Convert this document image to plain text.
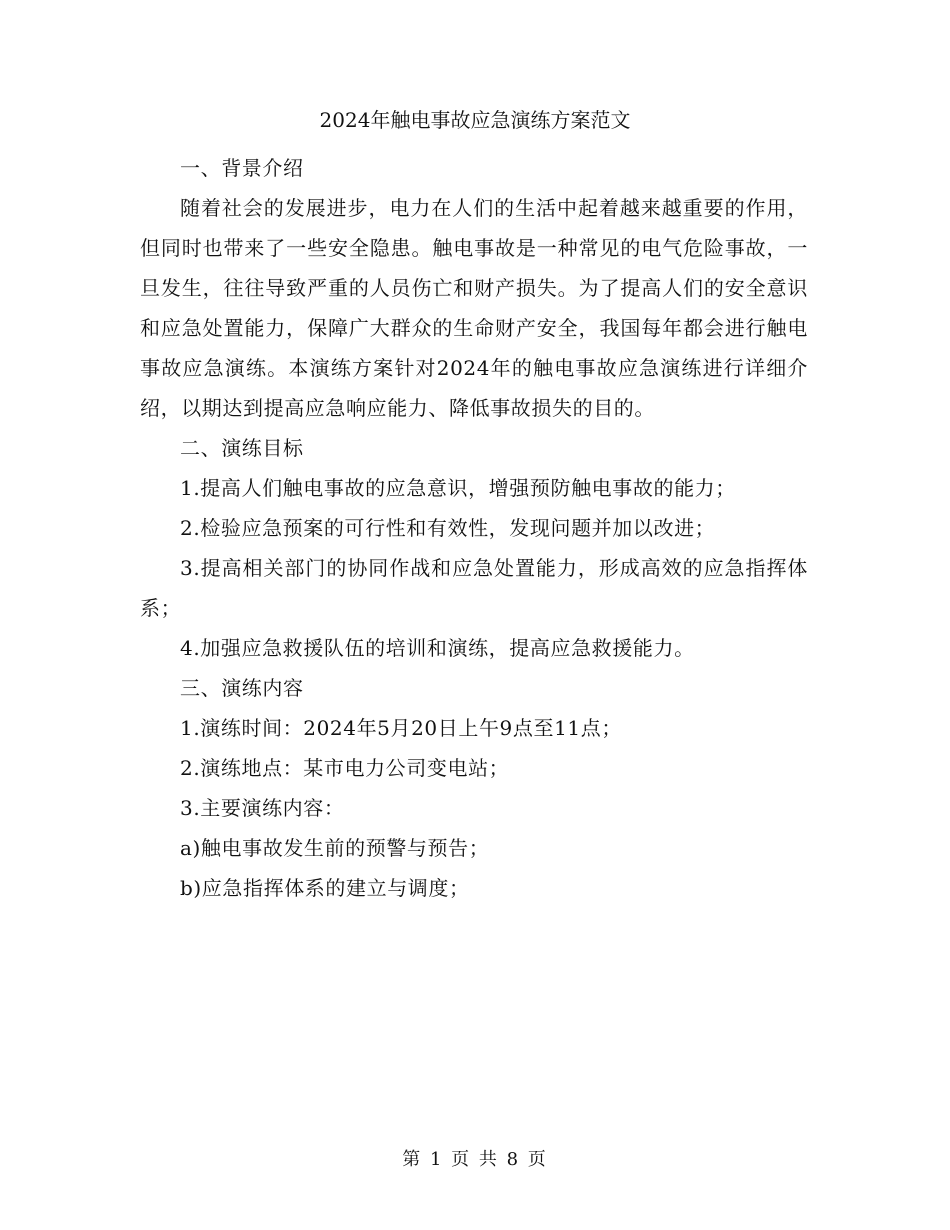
2024年触电事故应急演练方案范文

一、背景介绍

随着社会的发展进步，电力在人们的生活中起着越来越重要的作用，但同时也带来了一些安全隐患。触电事故是一种常见的电气危险事故，一旦发生，往往导致严重的人员伤亡和财产损失。为了提高人们的安全意识和应急处置能力，保障广大群众的生命财产安全，我国每年都会进行触电事故应急演练。本演练方案针对2024年的触电事故应急演练进行详细介绍，以期达到提高应急响应能力、降低事故损失的目的。

二、演练目标

1.提高人们触电事故的应急意识，增强预防触电事故的能力；

2.检验应急预案的可行性和有效性，发现问题并加以改进；

3.提高相关部门的协同作战和应急处置能力，形成高效的应急指挥体系；

4.加强应急救援队伍的培训和演练，提高应急救援能力。

三、演练内容

1.演练时间：2024年5月20日上午9点至11点；

2.演练地点：某市电力公司变电站；

3.主要演练内容：

a)触电事故发生前的预警与预告；

b)应急指挥体系的建立与调度；

第 1 页 共 8 页
